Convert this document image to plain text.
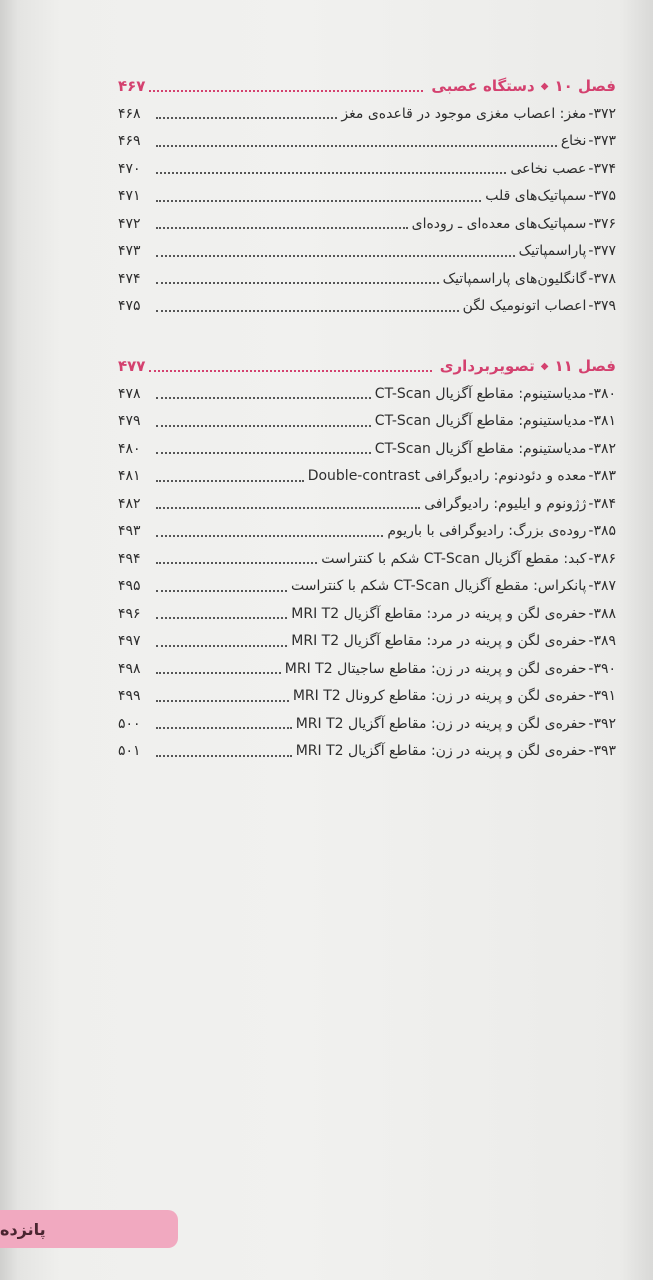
فصل ۱۰
◆
دستگاه عصبی
۴۶۷
۳۷۲-
مغز: اعصاب مغزی موجود در قاعده‌ی مغز
۴۶۸
۳۷۳-
نخاع
۴۶۹
۳۷۴-
عصب نخاعی
۴۷۰
۳۷۵-
سمپاتیک‌های قلب
۴۷۱
۳۷۶-
سمپاتیک‌های معده‌ای ـ روده‌ای
۴۷۲
۳۷۷-
پاراسمپاتیک
۴۷۳
۳۷۸-
گانگلیون‌های پاراسمپاتیک
۴۷۴
۳۷۹-
اعصاب اتونومیک لگن
۴۷۵
فصل ۱۱
◆
تصویربرداری
۴۷۷
۳۸۰-
مدیاستینوم: مقاطع آگزیال CT-Scan
۴۷۸
۳۸۱-
مدیاستینوم: مقاطع آگزیال CT-Scan
۴۷۹
۳۸۲-
مدیاستینوم: مقاطع آگزیال CT-Scan
۴۸۰
۳۸۳-
معده و دئودنوم: رادیوگرافی Double-contrast
۴۸۱
۳۸۴-
ژژونوم و ایلیوم: رادیوگرافی
۴۸۲
۳۸۵-
روده‌ی بزرگ: رادیوگرافی با باریوم
۴۹۳
۳۸۶-
کبد: مقطع آگزیال CT-Scan شکم با کنتراست
۴۹۴
۳۸۷-
پانکراس: مقطع آگزیال CT-Scan شکم با کنتراست
۴۹۵
۳۸۸-
حفره‌ی لگن و پرینه در مرد: مقاطع آگزیال MRI T2
۴۹۶
۳۸۹-
حفره‌ی لگن و پرینه در مرد: مقاطع آگزیال MRI T2
۴۹۷
۳۹۰-
حفره‌ی لگن و پرینه در زن: مقاطع ساجیتال MRI T2
۴۹۸
۳۹۱-
حفره‌ی لگن و پرینه در زن: مقاطع کرونال MRI T2
۴۹۹
۳۹۲-
حفره‌ی لگن و پرینه در زن: مقاطع آگزیال MRI T2
۵۰۰
۳۹۳-
حفره‌ی لگن و پرینه در زن: مقاطع آگزیال MRI T2
۵۰۱
پانزده
